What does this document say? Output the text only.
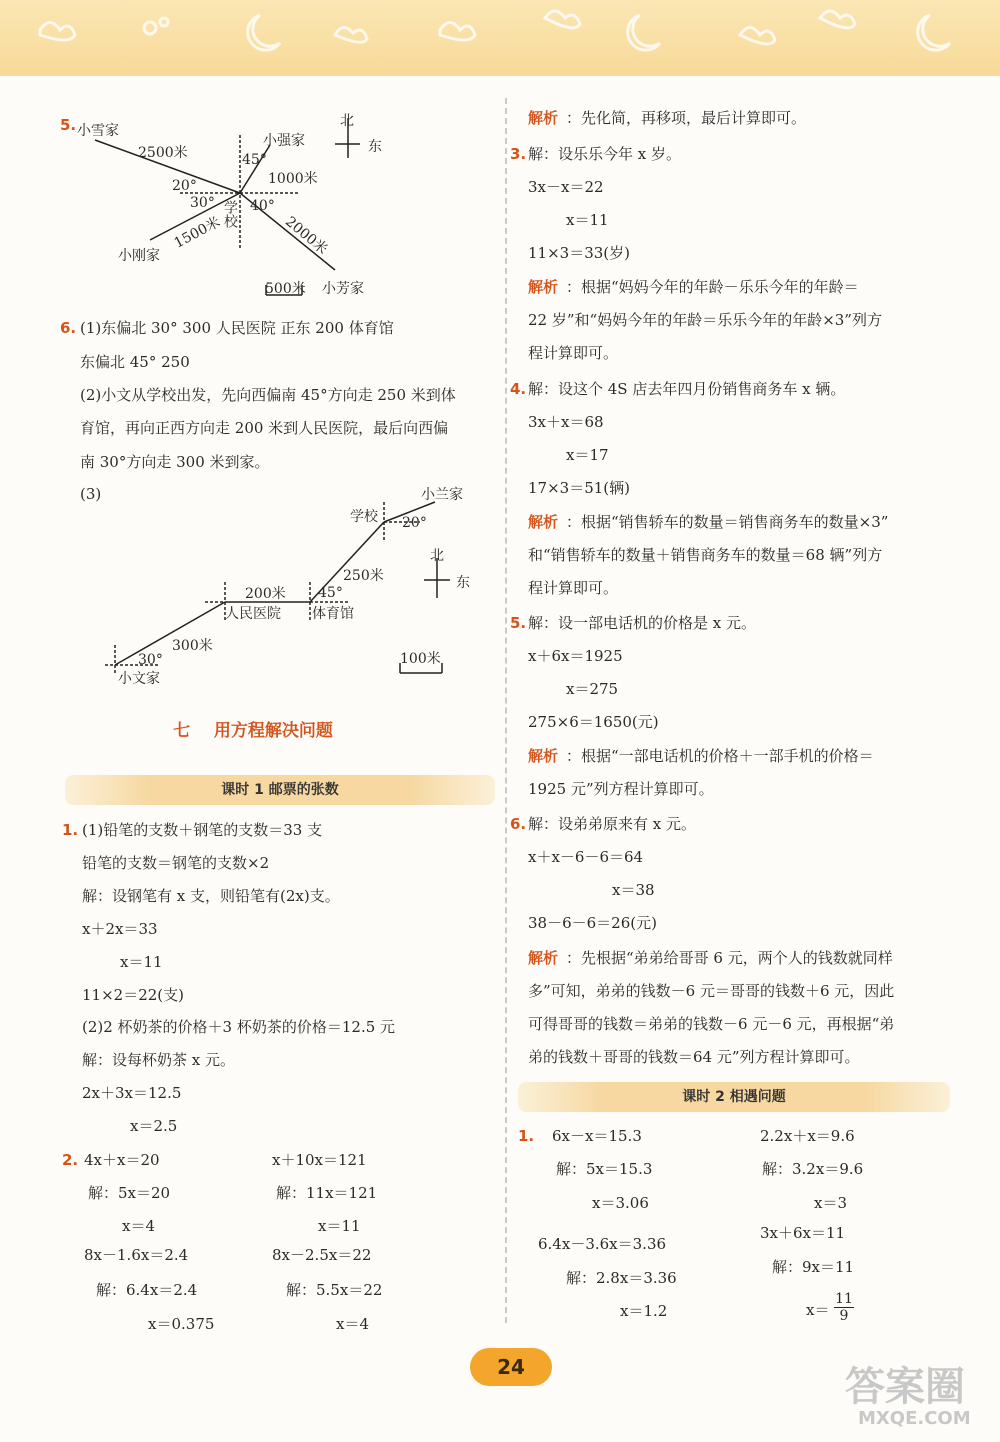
5. 小雪家
2500米
小强家
45°
1000米
20°
30° 学校 40°
1500米	2000米
小刚家
北
东
500米 小芳家
6. (1)东偏北 30° 300 人民医院 正东 200 体育馆
东偏北 45° 250
(2)小文从学校出发，先向西偏南 45°方向走 250 米到体
育馆，再向正西方向走 200 米到人民医院，最后向西偏
南 30°方向走 300 米到家。
(3)	小兰家
学校 20°
北
东
250米
200米 45°
人民医院 体育馆
300米
30°	100米
小文家
七 用方程解决问题
课时 1 邮票的张数
1. (1)铅笔的支数＋钢笔的支数＝33 支
铅笔的支数＝钢笔的支数×2
解：设钢笔有 x 支，则铅笔有(2x)支。
x＋2x＝33
x＝11
11×2＝22(支)
(2)2 杯奶茶的价格＋3 杯奶茶的价格＝12.5 元
解：设每杯奶茶 x 元。
2x＋3x＝12.5
x＝2.5
2. 4x＋x＝20
解：5x＝20
x＝4
8x－1.6x＝2.4
解：6.4x＝2.4
x＝0.375
x＋10x＝121
解：11x＝121
x＝11
8x－2.5x＝22
解：5.5x＝22
x＝4
解析 ：先化简，再移项，最后计算即可。
3. 解：设乐乐今年 x 岁。
3x－x＝22
x＝11
11×3＝33(岁)
解析 ：根据“妈妈今年的年龄－乐乐今年的年龄＝
22 岁”和“妈妈今年的年龄＝乐乐今年的年龄×3”列方
程计算即可。
4. 解：设这个 4S 店去年四月份销售商务车 x 辆。
3x＋x＝68
x＝17
17×3＝51(辆)
解析 ：根据“销售轿车的数量＝销售商务车的数量×3”
和“销售轿车的数量＋销售商务车的数量＝68 辆”列方
程计算即可。
5. 解：设一部电话机的价格是 x 元。
x＋6x＝1925
x＝275
275×6＝1650(元)
解析 ：根据“一部电话机的价格＋一部手机的价格＝
1925 元”列方程计算即可。
6. 解：设弟弟原来有 x 元。
x＋x－6－6＝64
x＝38
38－6－6＝26(元)
解析 ：先根据“弟弟给哥哥 6 元，两个人的钱数就同样
多”可知，弟弟的钱数－6 元＝哥哥的钱数＋6 元，因此
可得哥哥的钱数＝弟弟的钱数－6 元－6 元，再根据“弟
弟的钱数＋哥哥的钱数＝64 元”列方程计算即可。
课时 2 相遇问题
1. 6x－x＝15.3
解：5x＝15.3
x＝3.06
6.4x－3.6x＝3.36
解：2.8x＝3.36
x＝1.2
2.2x＋x＝9.6
解：3.2x＝9.6
x＝3
3x＋6x＝11
解：9x＝11
$x= \frac{11}{9}$
24	答案圈
MXQE.COM
